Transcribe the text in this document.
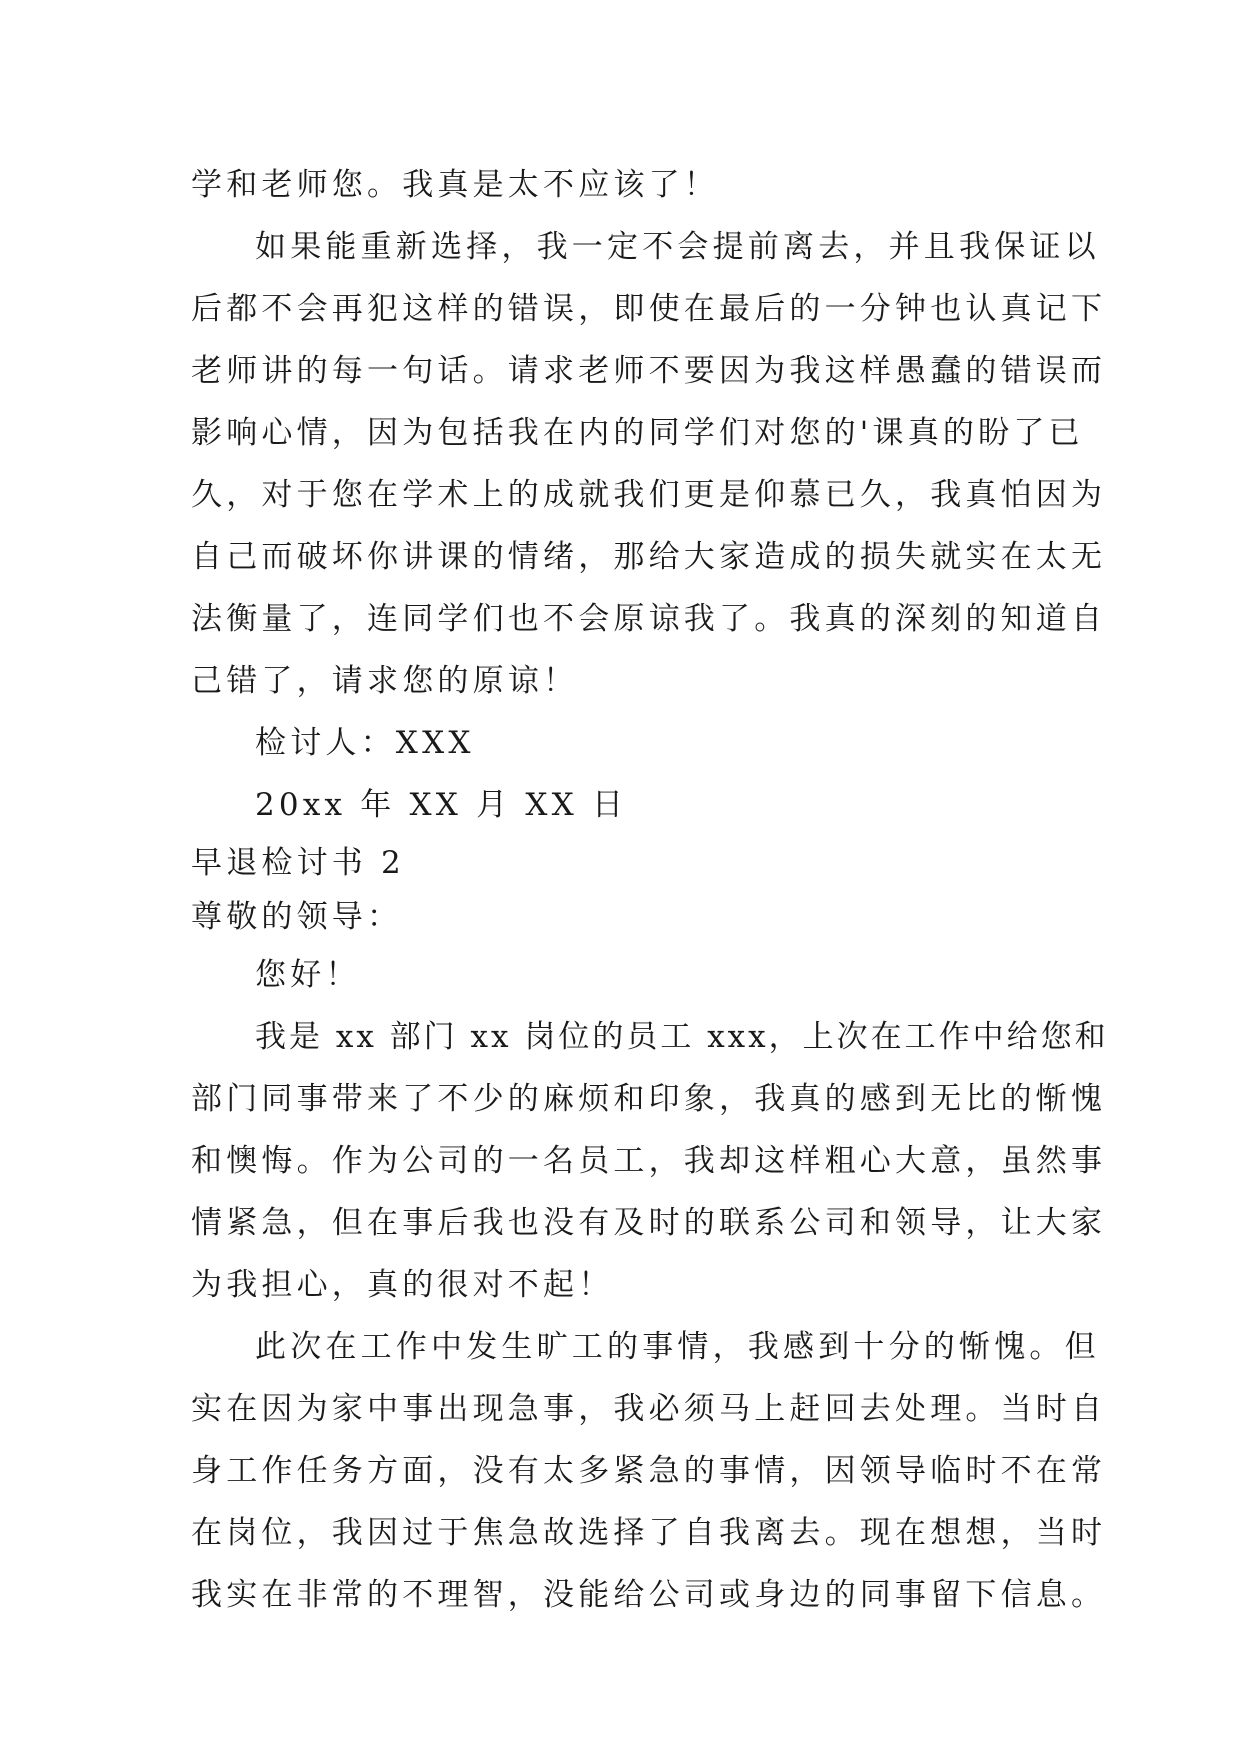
学和老师您。我真是太不应该了！
如果能重新选择，我一定不会提前离去，并且我保证以
后都不会再犯这样的错误，即使在最后的一分钟也认真记下
老师讲的每一句话。请求老师不要因为我这样愚蠢的错误而
影响心情，因为包括我在内的同学们对您的'课真的盼了已
久，对于您在学术上的成就我们更是仰慕已久，我真怕因为
自己而破坏你讲课的情绪，那给大家造成的损失就实在太无
法衡量了，连同学们也不会原谅我了。我真的深刻的知道自
己错了，请求您的原谅！
检讨人：XXX
20xx 年 XX 月 XX 日
早退检讨书 2
尊敬的领导：
您好！
我是 xx 部门 xx 岗位的员工 xxx，上次在工作中给您和
部门同事带来了不少的麻烦和印象，我真的感到无比的惭愧
和懊悔。作为公司的一名员工，我却这样粗心大意，虽然事
情紧急，但在事后我也没有及时的联系公司和领导，让大家
为我担心，真的很对不起！
此次在工作中发生旷工的事情，我感到十分的惭愧。但
实在因为家中事出现急事，我必须马上赶回去处理。当时自
身工作任务方面，没有太多紧急的事情，因领导临时不在常
在岗位，我因过于焦急故选择了自我离去。现在想想，当时
我实在非常的不理智，没能给公司或身边的同事留下信息。
